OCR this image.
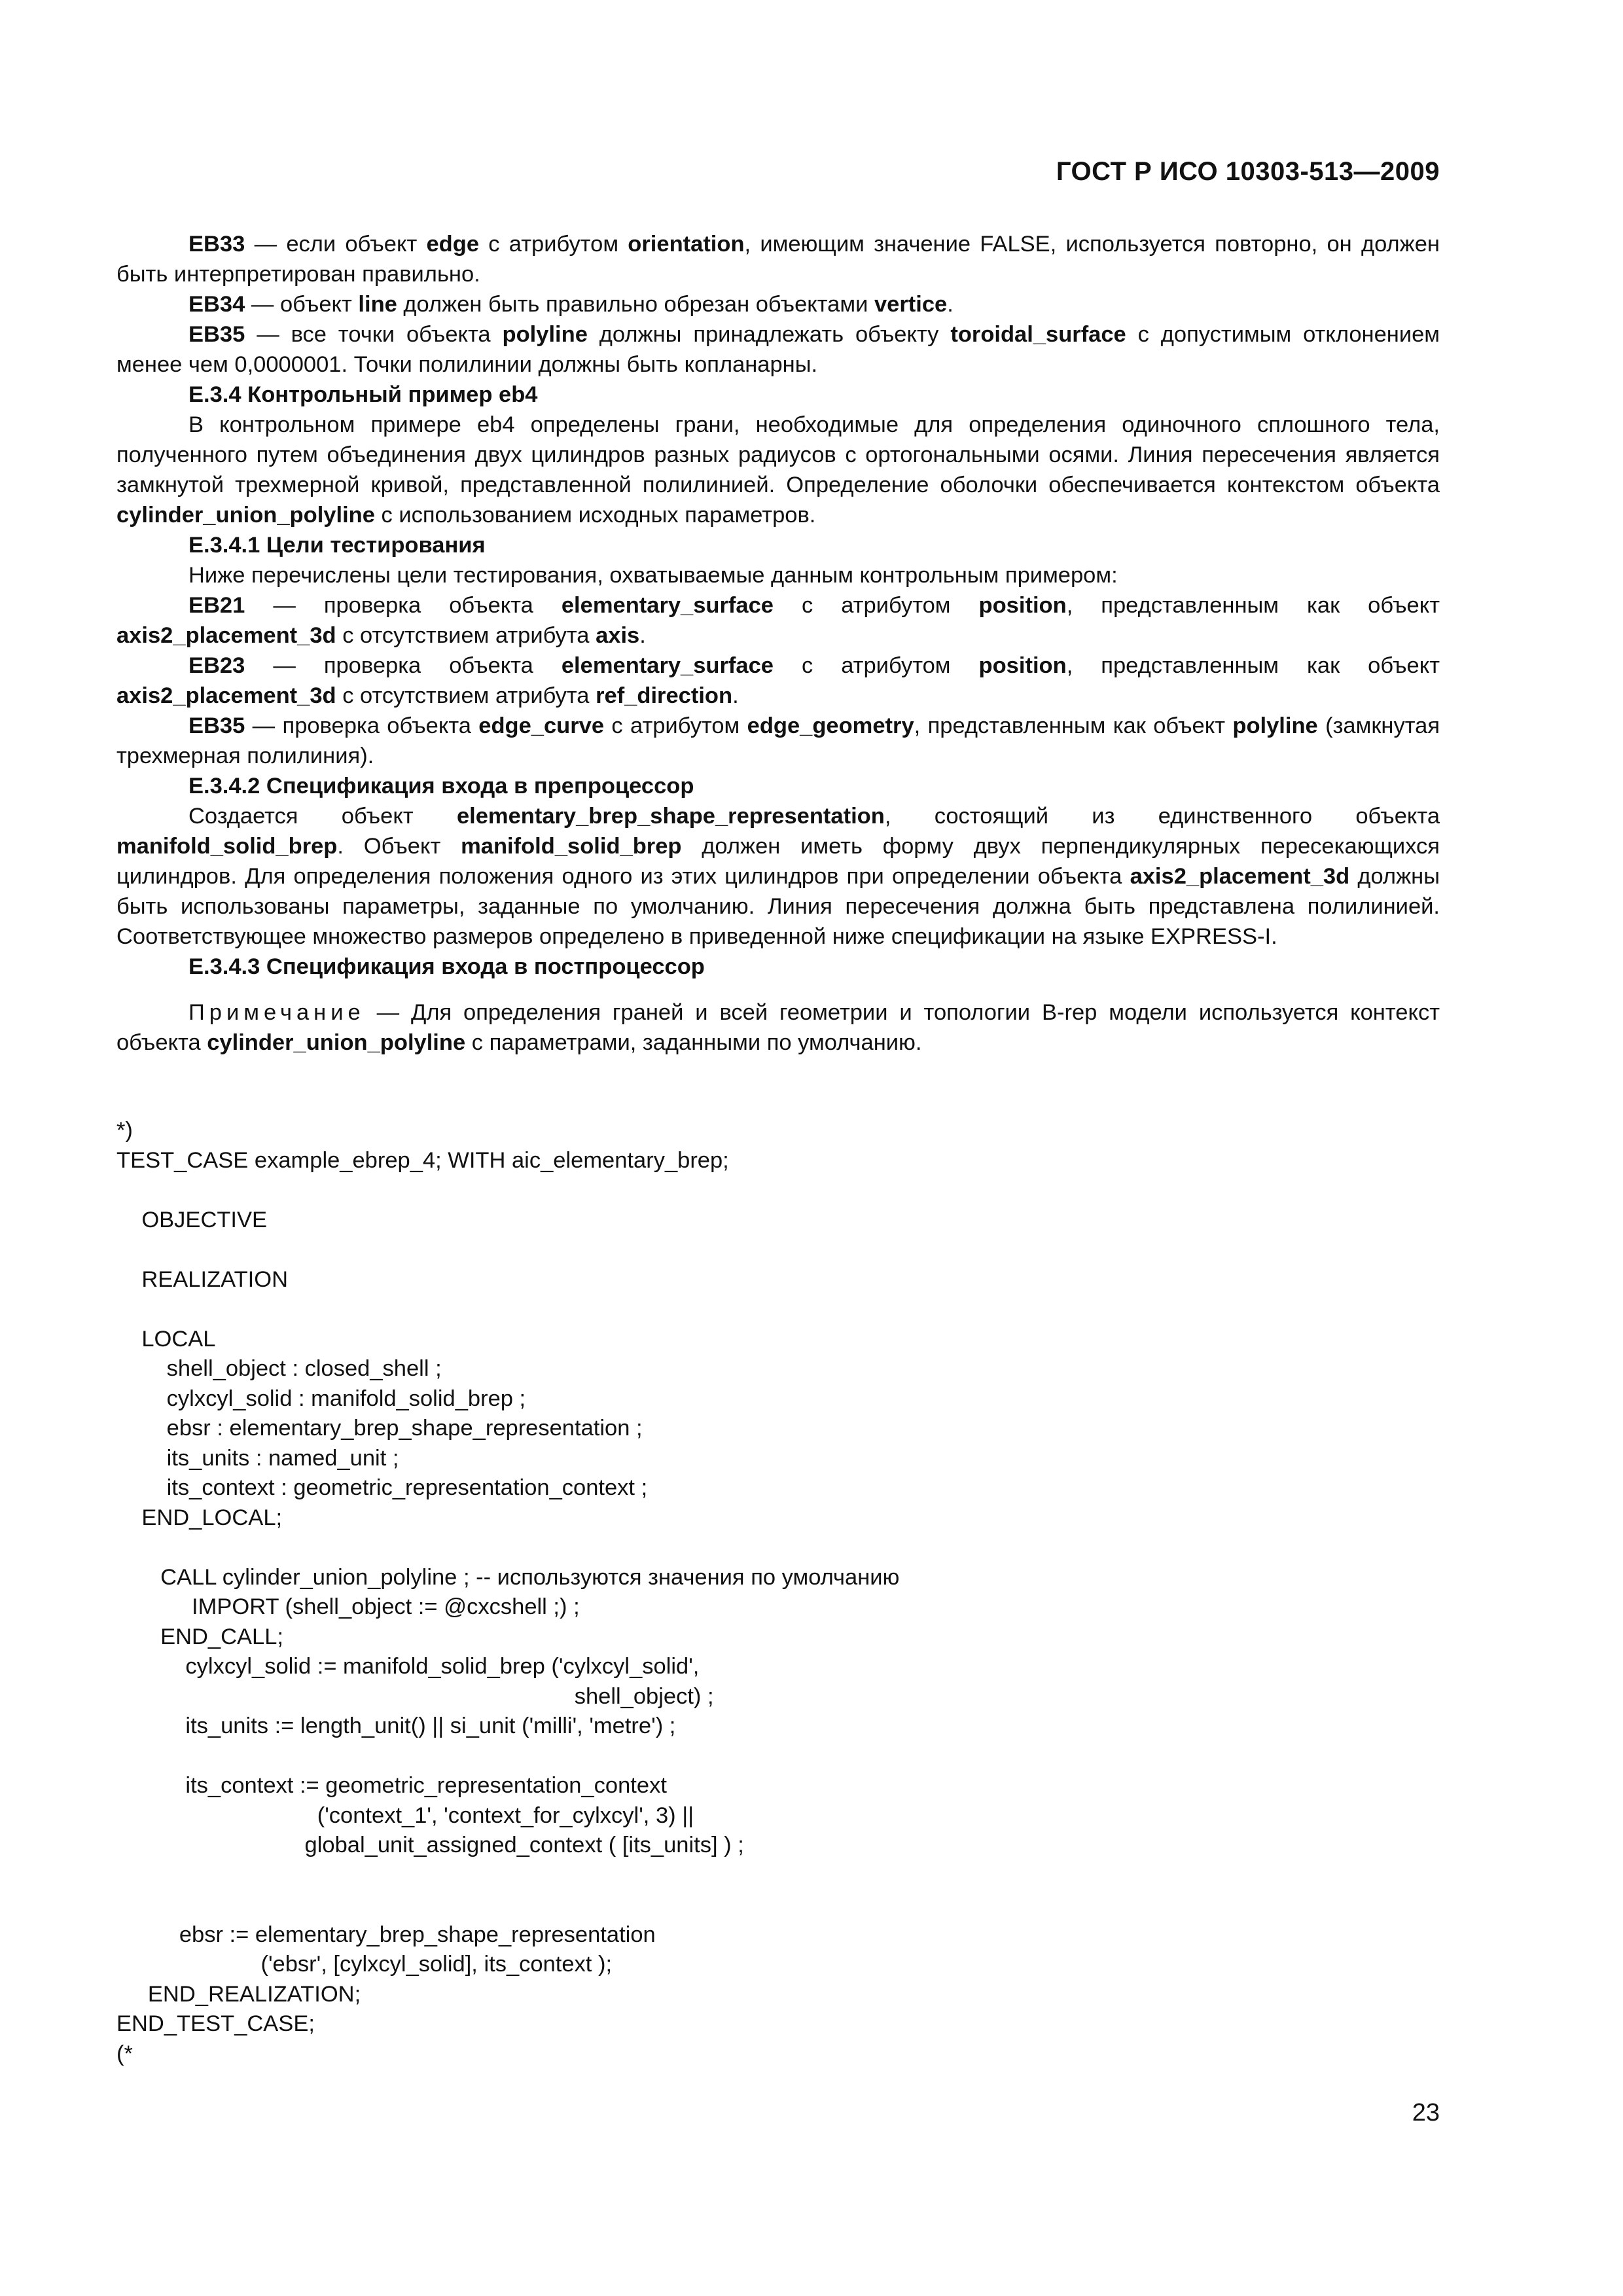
ГОСТ Р ИСО 10303-513—2009

EB33 — если объект edge с атрибутом orientation, имеющим значение FALSE, используется повторно, он должен быть интерпретирован правильно.

EB34 — объект line должен быть правильно обрезан объектами vertice.

EB35 — все точки объекта polyline должны принадлежать объекту toroidal_surface с допустимым отклонением менее чем 0,0000001. Точки полилинии должны быть копланарны.

Е.3.4 Контрольный пример eb4

В контрольном примере eb4 определены грани, необходимые для определения одиночного сплошного тела, полученного путем объединения двух цилиндров разных радиусов с ортогональными осями. Линия пересечения является замкнутой трехмерной кривой, представленной полилинией. Определение оболочки обеспечивается контекстом объекта cylinder_union_polyline с использованием исходных параметров.

Е.3.4.1 Цели тестирования

Ниже перечислены цели тестирования, охватываемые данным контрольным примером:

EB21 — проверка объекта elementary_surface с атрибутом position, представленным как объект axis2_placement_3d с отсутствием атрибута axis.

EB23 — проверка объекта elementary_surface с атрибутом position, представленным как объект axis2_placement_3d с отсутствием атрибута ref_direction.

EB35 — проверка объекта edge_curve с атрибутом edge_geometry, представленным как объект polyline (замкнутая трехмерная полилиния).

Е.3.4.2 Спецификация входа в препроцессор

Создается объект elementary_brep_shape_representation, состоящий из единственного объекта manifold_solid_brep. Объект manifold_solid_brep должен иметь форму двух перпендикулярных пересекающихся цилиндров. Для определения положения одного из этих цилиндров при определении объекта axis2_placement_3d должны быть использованы параметры, заданные по умолчанию. Линия пересечения должна быть представлена полилинией. Соответствующее множество размеров определено в приведенной ниже спецификации на языке EXPRESS-I.

Е.3.4.3 Спецификация входа в постпроцессор

Примечание — Для определения граней и всей геометрии и топологии B-rep модели используется контекст объекта cylinder_union_polyline с параметрами, заданными по умолчанию.

*)
TEST_CASE example_ebrep_4; WITH aic_elementary_brep;
OBJECTIVE
REALIZATION
LOCAL
shell_object : closed_shell ;
cylxcyl_solid : manifold_solid_brep ;
ebsr : elementary_brep_shape_representation ;
its_units : named_unit ;
its_context : geometric_representation_context ;
END_LOCAL;
CALL cylinder_union_polyline ; -- используются значения по умолчанию
IMPORT (shell_object := @cxcshell ;) ;
END_CALL;
cylxcyl_solid := manifold_solid_brep ('cylxcyl_solid',
shell_object) ;
its_units := length_unit() || si_unit ('milli', 'metre') ;
its_context := geometric_representation_context
('context_1', 'context_for_cylxcyl', 3) ||
global_unit_assigned_context ( [its_units] ) ;
ebsr := elementary_brep_shape_representation
('ebsr', [cylxcyl_solid], its_context );
END_REALIZATION;
END_TEST_CASE;
(*
23
